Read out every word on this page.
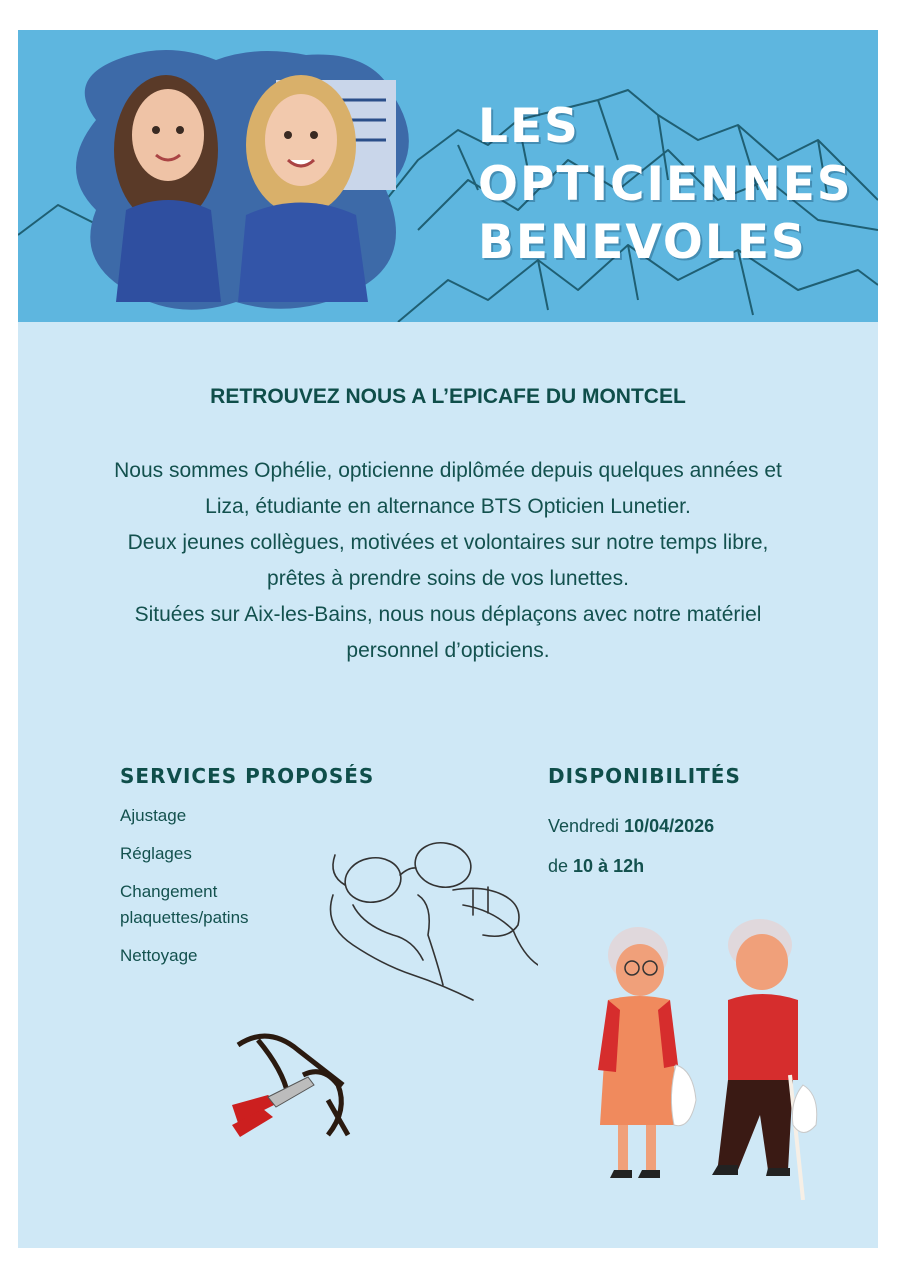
LES
OPTICIENNES
BENEVOLES
RETROUVEZ NOUS A L’EPICAFE DU MONTCEL

Nous sommes Ophélie, opticienne diplômée depuis quelques années et Liza, étudiante en alternance BTS Opticien Lunetier.

Deux jeunes collègues, motivées et volontaires sur notre temps libre, prêtes à prendre soins de vos lunettes.

Situées sur Aix-les-Bains, nous nous déplaçons avec notre matériel personnel d’opticiens.

SERVICES PROPOSÉS
Ajustage
Réglages
Changement plaquettes/patins
Nettoyage
DISPONIBILITÉS
Vendredi 10/04/2026
de 10 à 12h
